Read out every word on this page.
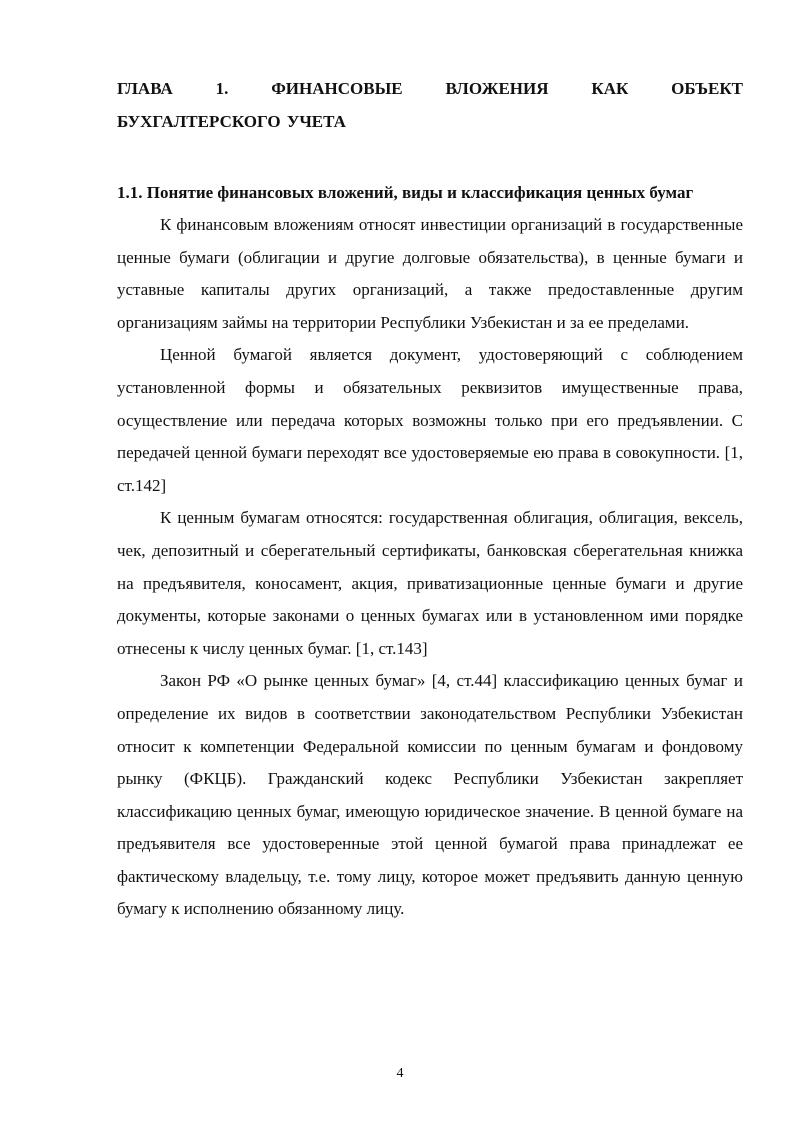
ГЛАВА 1. ФИНАНСОВЫЕ ВЛОЖЕНИЯ КАК ОБЪЕКТ
БУХГАЛТЕРСКОГО УЧЕТА
1.1. Понятие финансовых вложений, виды и классификация ценных бумаг

К финансовым вложениям относят инвестиции организаций в государственные ценные бумаги (облигации и другие долговые обязательства), в ценные бумаги и уставные капиталы других организаций, а также предоставленные другим организациям займы на территории Республики Узбекистан и за ее пределами.

Ценной бумагой является документ, удостоверяющий с соблюдением установленной формы и обязательных реквизитов имущественные права, осуществление или передача которых возможны только при его предъявлении. С передачей ценной бумаги переходят все удостоверяемые ею права в совокупности. [1, ст.142]

К ценным бумагам относятся: государственная облигация, облигация, вексель, чек, депозитный и сберегательный сертификаты, банковская сберегательная книжка на предъявителя, коносамент, акция, приватизационные ценные бумаги и другие документы, которые законами о ценных бумагах или в установленном ими порядке отнесены к числу ценных бумаг. [1, ст.143]

Закон РФ «О рынке ценных бумаг» [4, ст.44] классификацию ценных бумаг и определение их видов в соответствии законодательством Республики Узбекистан относит к компетенции Федеральной комиссии по ценным бумагам и фондовому рынку (ФКЦБ). Гражданский кодекс Республики Узбекистан закрепляет классификацию ценных бумаг, имеющую юридическое значение. В ценной бумаге на предъявителя все удостоверенные этой ценной бумагой права принадлежат ее фактическому владельцу, т.е. тому лицу, которое может предъявить данную ценную бумагу к исполнению обязанному лицу.

4
